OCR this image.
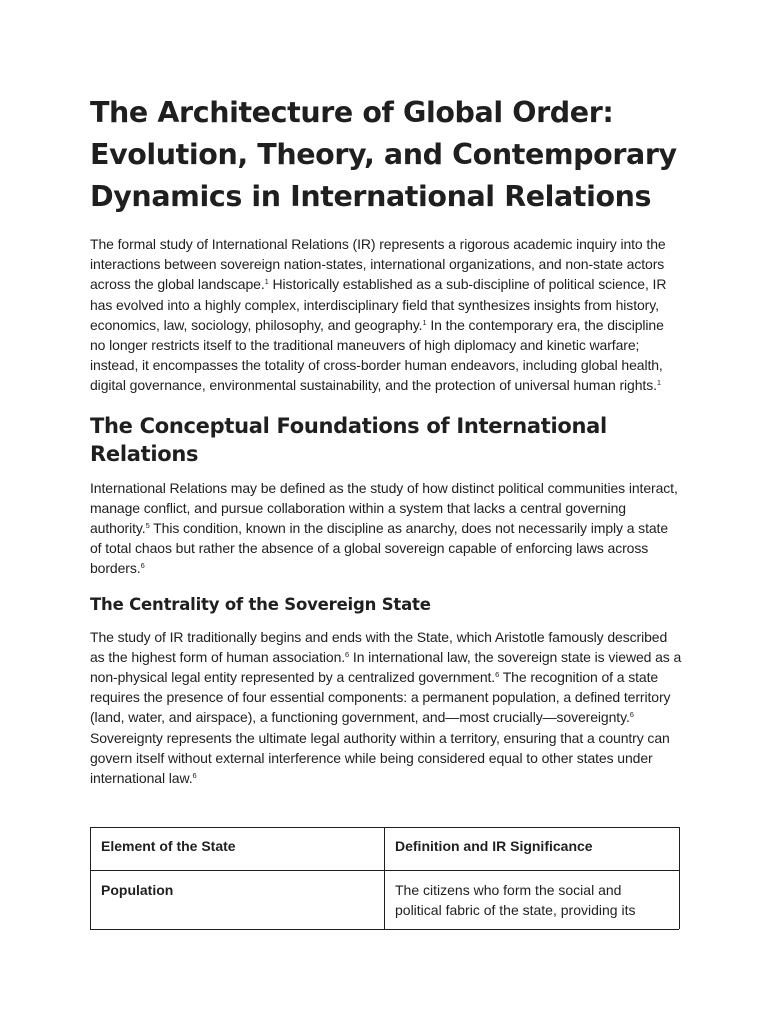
The Architecture of Global Order: Evolution, Theory, and Contemporary Dynamics in International Relations

The formal study of International Relations (IR) represents a rigorous academic inquiry into the interactions between sovereign nation-states, international organizations, and non-state actors across the global landscape.$^1$ Historically established as a sub-discipline of political science, IR has evolved into a highly complex, interdisciplinary field that synthesizes insights from history, economics, law, sociology, philosophy, and geography.$^1$ In the contemporary era, the discipline no longer restricts itself to the traditional maneuvers of high diplomacy and kinetic warfare; instead, it encompasses the totality of cross-border human endeavors, including global health, digital governance, environmental sustainability, and the protection of universal human rights.$^1$

The Conceptual Foundations of International Relations

International Relations may be defined as the study of how distinct political communities interact, manage conflict, and pursue collaboration within a system that lacks a central governing authority.$^5$ This condition, known in the discipline as anarchy, does not necessarily imply a state of total chaos but rather the absence of a global sovereign capable of enforcing laws across borders.$^6$

The Centrality of the Sovereign State

The study of IR traditionally begins and ends with the State, which Aristotle famously described as the highest form of human association.$^6$ In international law, the sovereign state is viewed as a non-physical legal entity represented by a centralized government.$^6$ The recognition of a state requires the presence of four essential components: a permanent population, a defined territory (land, water, and airspace), a functioning government, and—most crucially—sovereignty.$^6$ Sovereignty represents the ultimate legal authority within a territory, ensuring that a country can govern itself without external interference while being considered equal to other states under international law.$^6$

Element of the State	Definition and IR Significance
Population	The citizens who form the social and political fabric of the state, providing its
